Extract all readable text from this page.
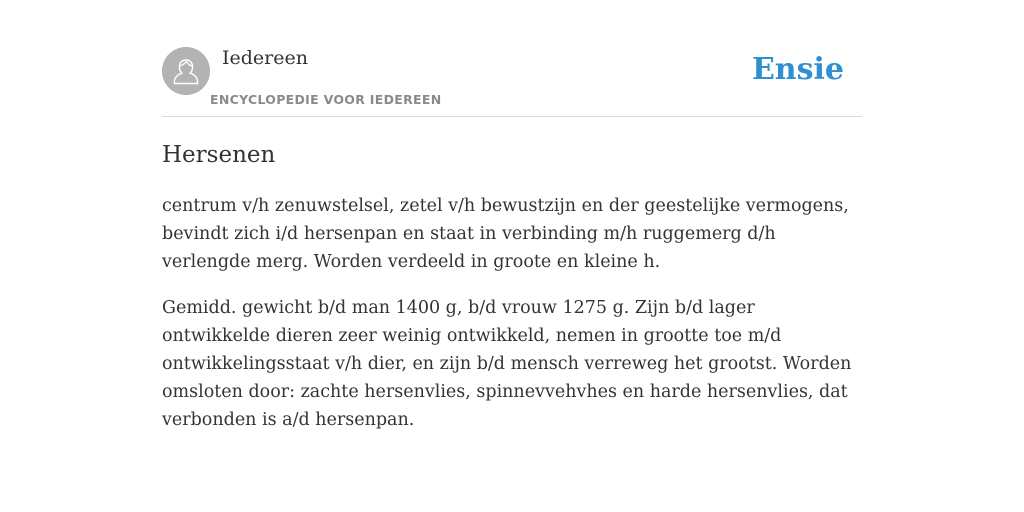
Iedereen
ENCYCLOPEDIE VOOR IEDEREEN
Ensie
Hersenen

centrum v/h zenuwstelsel, zetel v/h bewustzijn en der geestelijke vermogens, bevindt zich i/d hersenpan en staat in verbinding m/h ruggemerg d/h verlengde merg. Worden verdeeld in groote en kleine h.

Gemidd. gewicht b/d man 1400 g, b/d vrouw 1275 g. Zijn b/d lager ontwikkelde dieren zeer weinig ontwikkeld, nemen in grootte toe m/d ontwikkelingsstaat v/h dier, en zijn b/d mensch verreweg het grootst. Worden omsloten door: zachte hersenvlies, spinnevvehvhes en harde hersenvlies, dat verbonden is a/d hersenpan.
